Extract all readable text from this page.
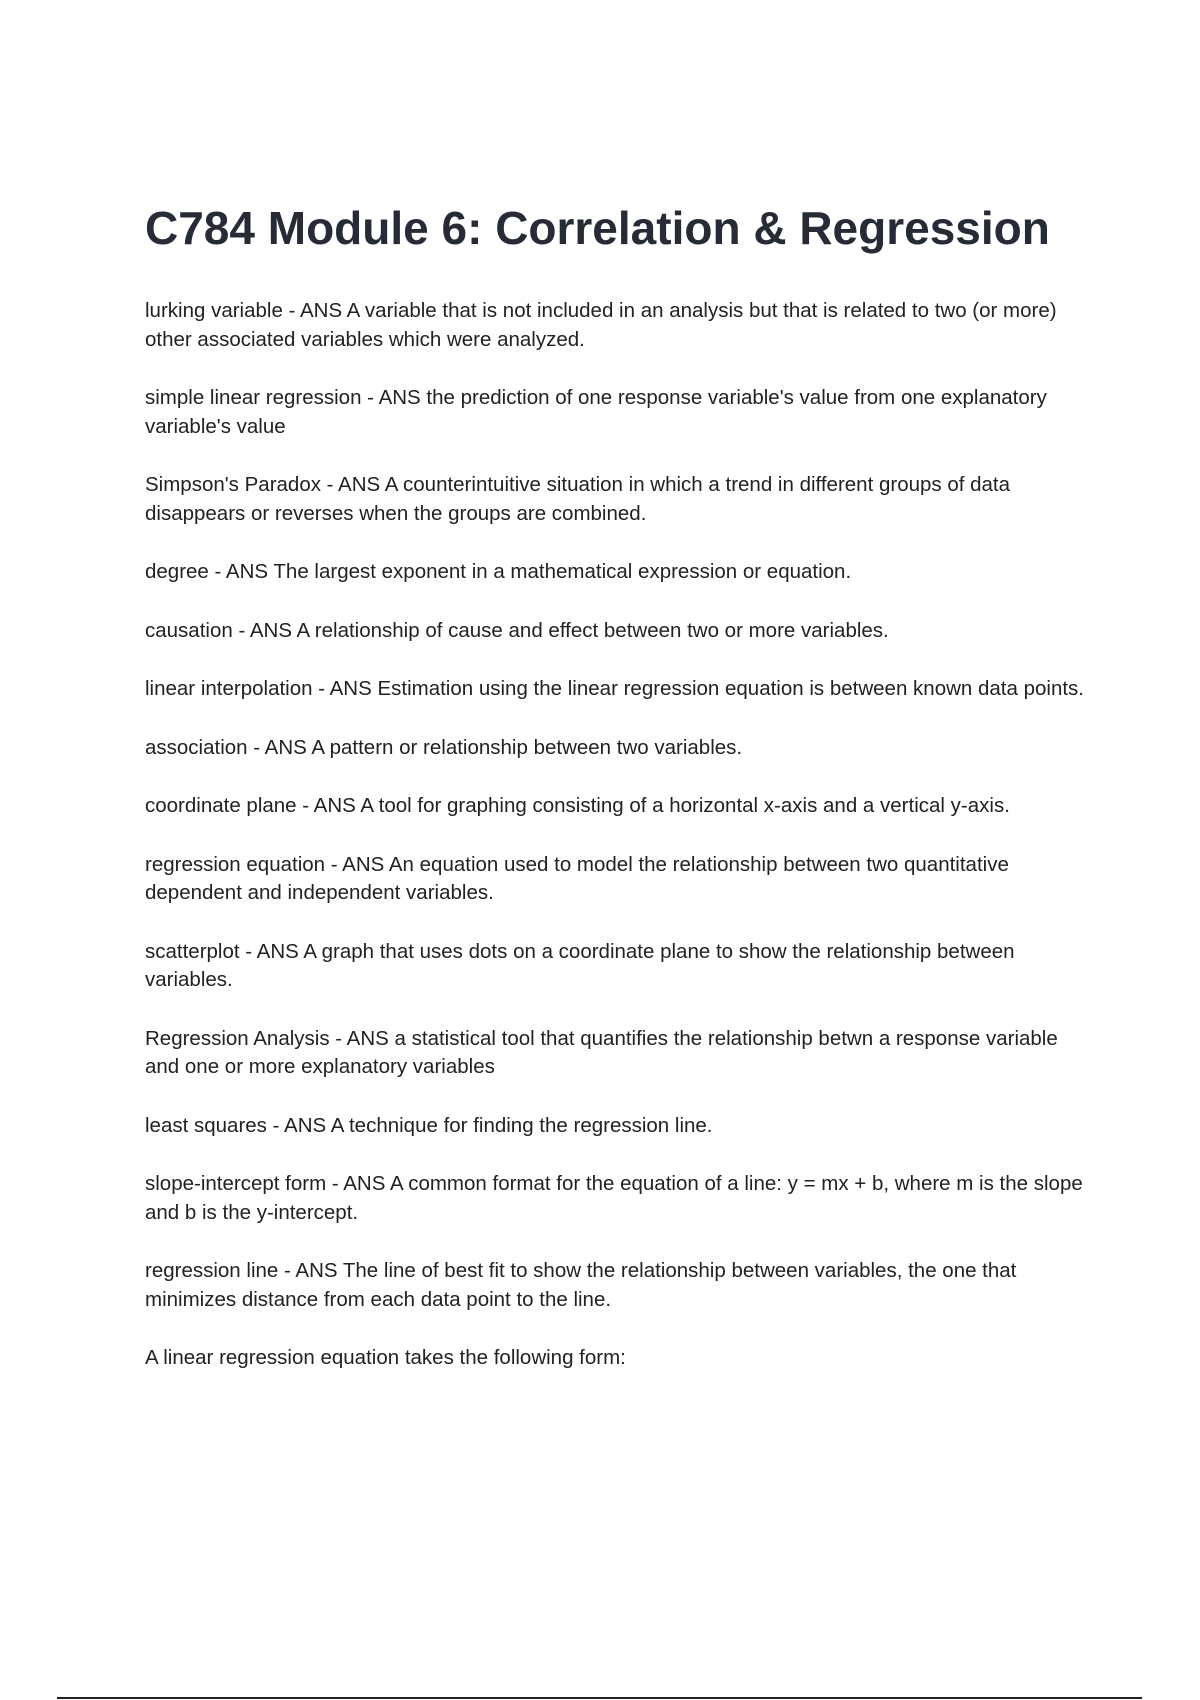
C784 Module 6: Correlation & Regression

lurking variable - ANS A variable that is not included in an analysis but that is related to two (or more) other associated variables which were analyzed.

simple linear regression - ANS the prediction of one response variable's value from one explanatory variable's value

Simpson's Paradox - ANS A counterintuitive situation in which a trend in different groups of data disappears or reverses when the groups are combined.

degree - ANS The largest exponent in a mathematical expression or equation.

causation - ANS A relationship of cause and effect between two or more variables.

linear interpolation - ANS Estimation using the linear regression equation is between known data points.

association - ANS A pattern or relationship between two variables.

coordinate plane - ANS A tool for graphing consisting of a horizontal x-axis and a vertical y-axis.

regression equation - ANS An equation used to model the relationship between two quantitative dependent and independent variables.

scatterplot - ANS A graph that uses dots on a coordinate plane to show the relationship between variables.

Regression Analysis - ANS a statistical tool that quantifies the relationship betwn a response variable and one or more explanatory variables

least squares - ANS A technique for finding the regression line.

slope-intercept form - ANS A common format for the equation of a line: y = mx + b, where m is the slope and b is the y-intercept.

regression line - ANS The line of best fit to show the relationship between variables, the one that minimizes distance from each data point to the line.

A linear regression equation takes the following form:
